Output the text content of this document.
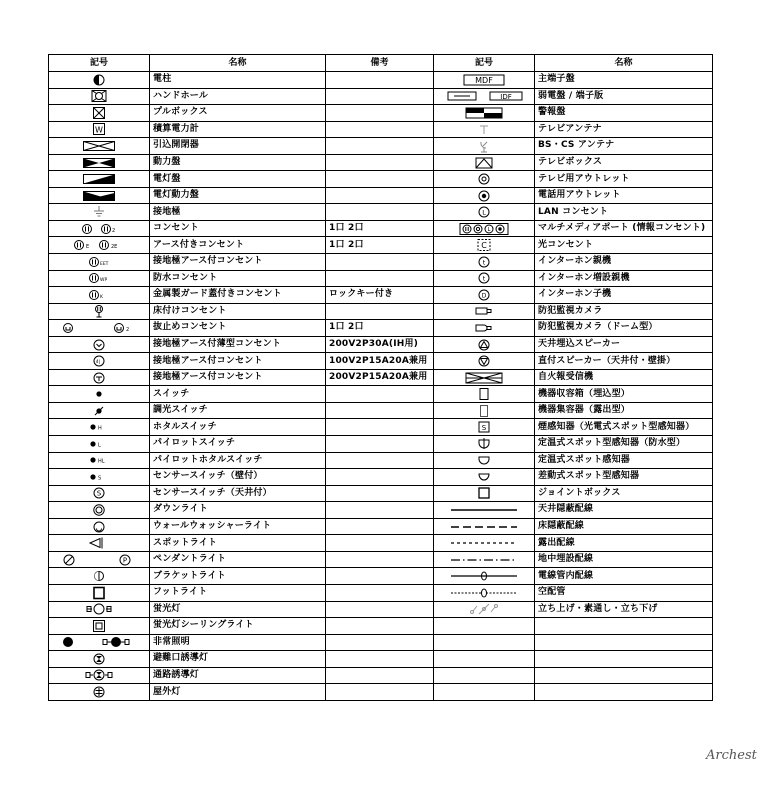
記号	名称	備考	記号	名称

	電柱		MDF	主端子盤

	ハンドホール		IDF	弱電盤 / 端子版

	プルボックス			警報盤

W	積算電力計			テレビアンテナ

	引込開閉器			BS・CS アンテナ

	動力盤			テレビボックス

	電灯盤			テレビ用アウトレット

	電灯動力盤			電話用アウトレット

	接地極		L	LAN コンセント

2	コンセント	1口 2口	L	マルチメディアポート (情報コンセント)

E 2E	アース付きコンセント	1口 2口	C	光コンセント

EET	接地極アース付コンセント		t	インターホン親機

WP	防水コンセント		t	インターホン増設親機

K	金属製ガード蓋付きコンセント	ロックキー付き	D	インターホン子機

	床付けコンセント			防犯監視カメラ

2	抜止めコンセント	1口 2口		防犯監視カメラ（ドーム型）

	接地極アース付薄型コンセント	200V2P30A(IH用)		天井埋込スピーカー

4|	接地極アース付コンセント	100V2P15A20A兼用		直付スピーカー（天井付・壁掛）

	接地極アース付コンセント	200V2P15A20A兼用		自火報受信機

	スイッチ			機器収容箱（埋込型）

	調光スイッチ			機器集容器（露出型）

H	ホタルスイッチ		S	煙感知器（光電式スポット型感知器）

L	パイロットスイッチ			定温式スポット型感知器（防水型）

HL	パイロットホタルスイッチ			定温式スポット感知器

S	センサースイッチ（壁付）			差動式スポット型感知器

S	センサースイッチ（天井付）			ジョイントボックス

	ダウンライト			天井隠蔽配線

	ウォールウォッシャーライト			床隠蔽配線

	スポットライト			露出配線

P	ペンダントライト			地中埋設配線

	ブラケットライト			電線管内配線

	フットライト			空配管

	蛍光灯			立ち上げ・素通し・立ち下げ

	蛍光灯シーリングライト			

	非常照明			

	避難口誘導灯			

	通路誘導灯			

	屋外灯			
Archest
